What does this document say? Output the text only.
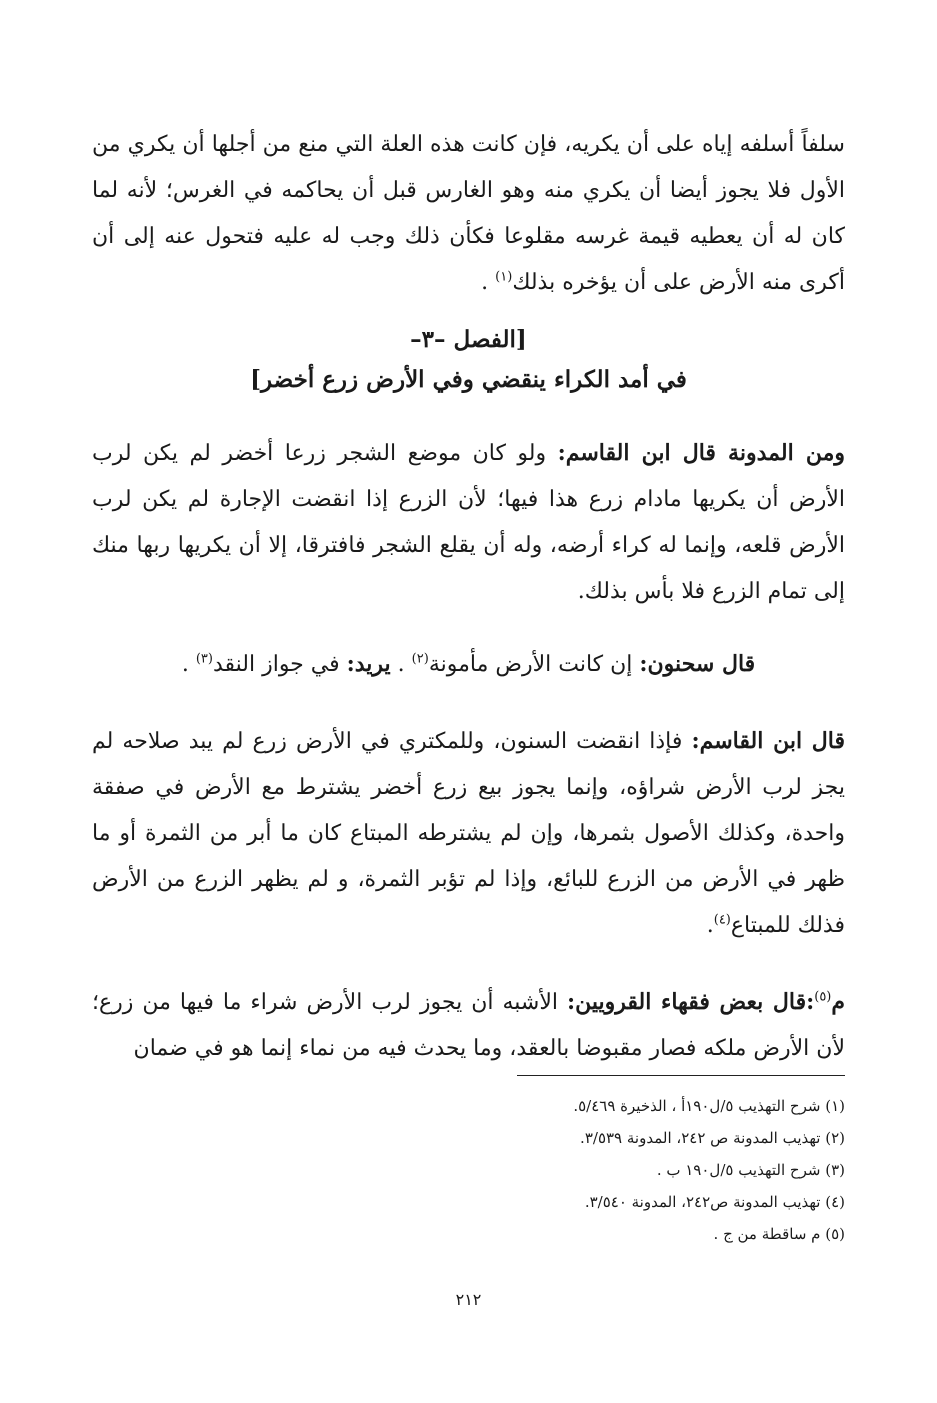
سلفاً أسلفه إياه على أن يكريه، فإن كانت هذه العلة التي منع من أجلها أن يكري من الأول فلا يجوز أيضا أن يكري منه وهو الغارس قبل أن يحاكمه في الغرس؛ لأنه لما كان له أن يعطيه قيمة غرسه مقلوعا فكأن ذلك وجب له عليه فتحول عنه إلى أن أكرى منه الأرض على أن يؤخره بذلك$^{(١)}$ .

[الفصل –٣–

في أمد الكراء ينقضي وفي الأرض زرع أخضر]

ومن المدونة قال ابن القاسم: ولو كان موضع الشجر زرعا أخضر لم يكن لرب الأرض أن يكريها مادام زرع هذا فيها؛ لأن الزرع إذا انقضت الإجارة لم يكن لرب الأرض قلعه، وإنما له كراء أرضه، وله أن يقلع الشجر فافترقا، إلا أن يكريها ربها منك إلى تمام الزرع فلا بأس بذلك.

قال سحنون: إن كانت الأرض مأمونة$^{(٢)}$ . يريد: في جواز النقد$^{(٣)}$ .

قال ابن القاسم: فإذا انقضت السنون، وللمكتري في الأرض زرع لم يبد صلاحه لم يجز لرب الأرض شراؤه، وإنما يجوز بيع زرع أخضر يشترط مع الأرض في صفقة واحدة، وكذلك الأصول بثمرها، وإن لم يشترطه المبتاع كان ما أبر من الثمرة أو ما ظهر في الأرض من الزرع للبائع، وإذا لم تؤبر الثمرة، و لم يظهر الزرع من الأرض فذلك للمبتاع$^{(٤)}$.

م$^{(٥)}$:قال بعض فقهاء القرويين: الأشبه أن يجوز لرب الأرض شراء ما فيها من زرع؛ لأن الأرض ملكه فصار مقبوضا بالعقد، وما يحدث فيه من نماء إنما هو في ضمان

(١) شرح التهذيب ٥/ل١٩٠أ ، الذخيرة ٥/٤٦٩.

(٢) تهذيب المدونة ص ٢٤٢، المدونة ٣/٥٣٩.

(٣) شرح التهذيب ٥/ل١٩٠ ب .

(٤) تهذيب المدونة ص٢٤٢، المدونة ٣/٥٤٠.

(٥) م ساقطة من ج .

٢١٢
